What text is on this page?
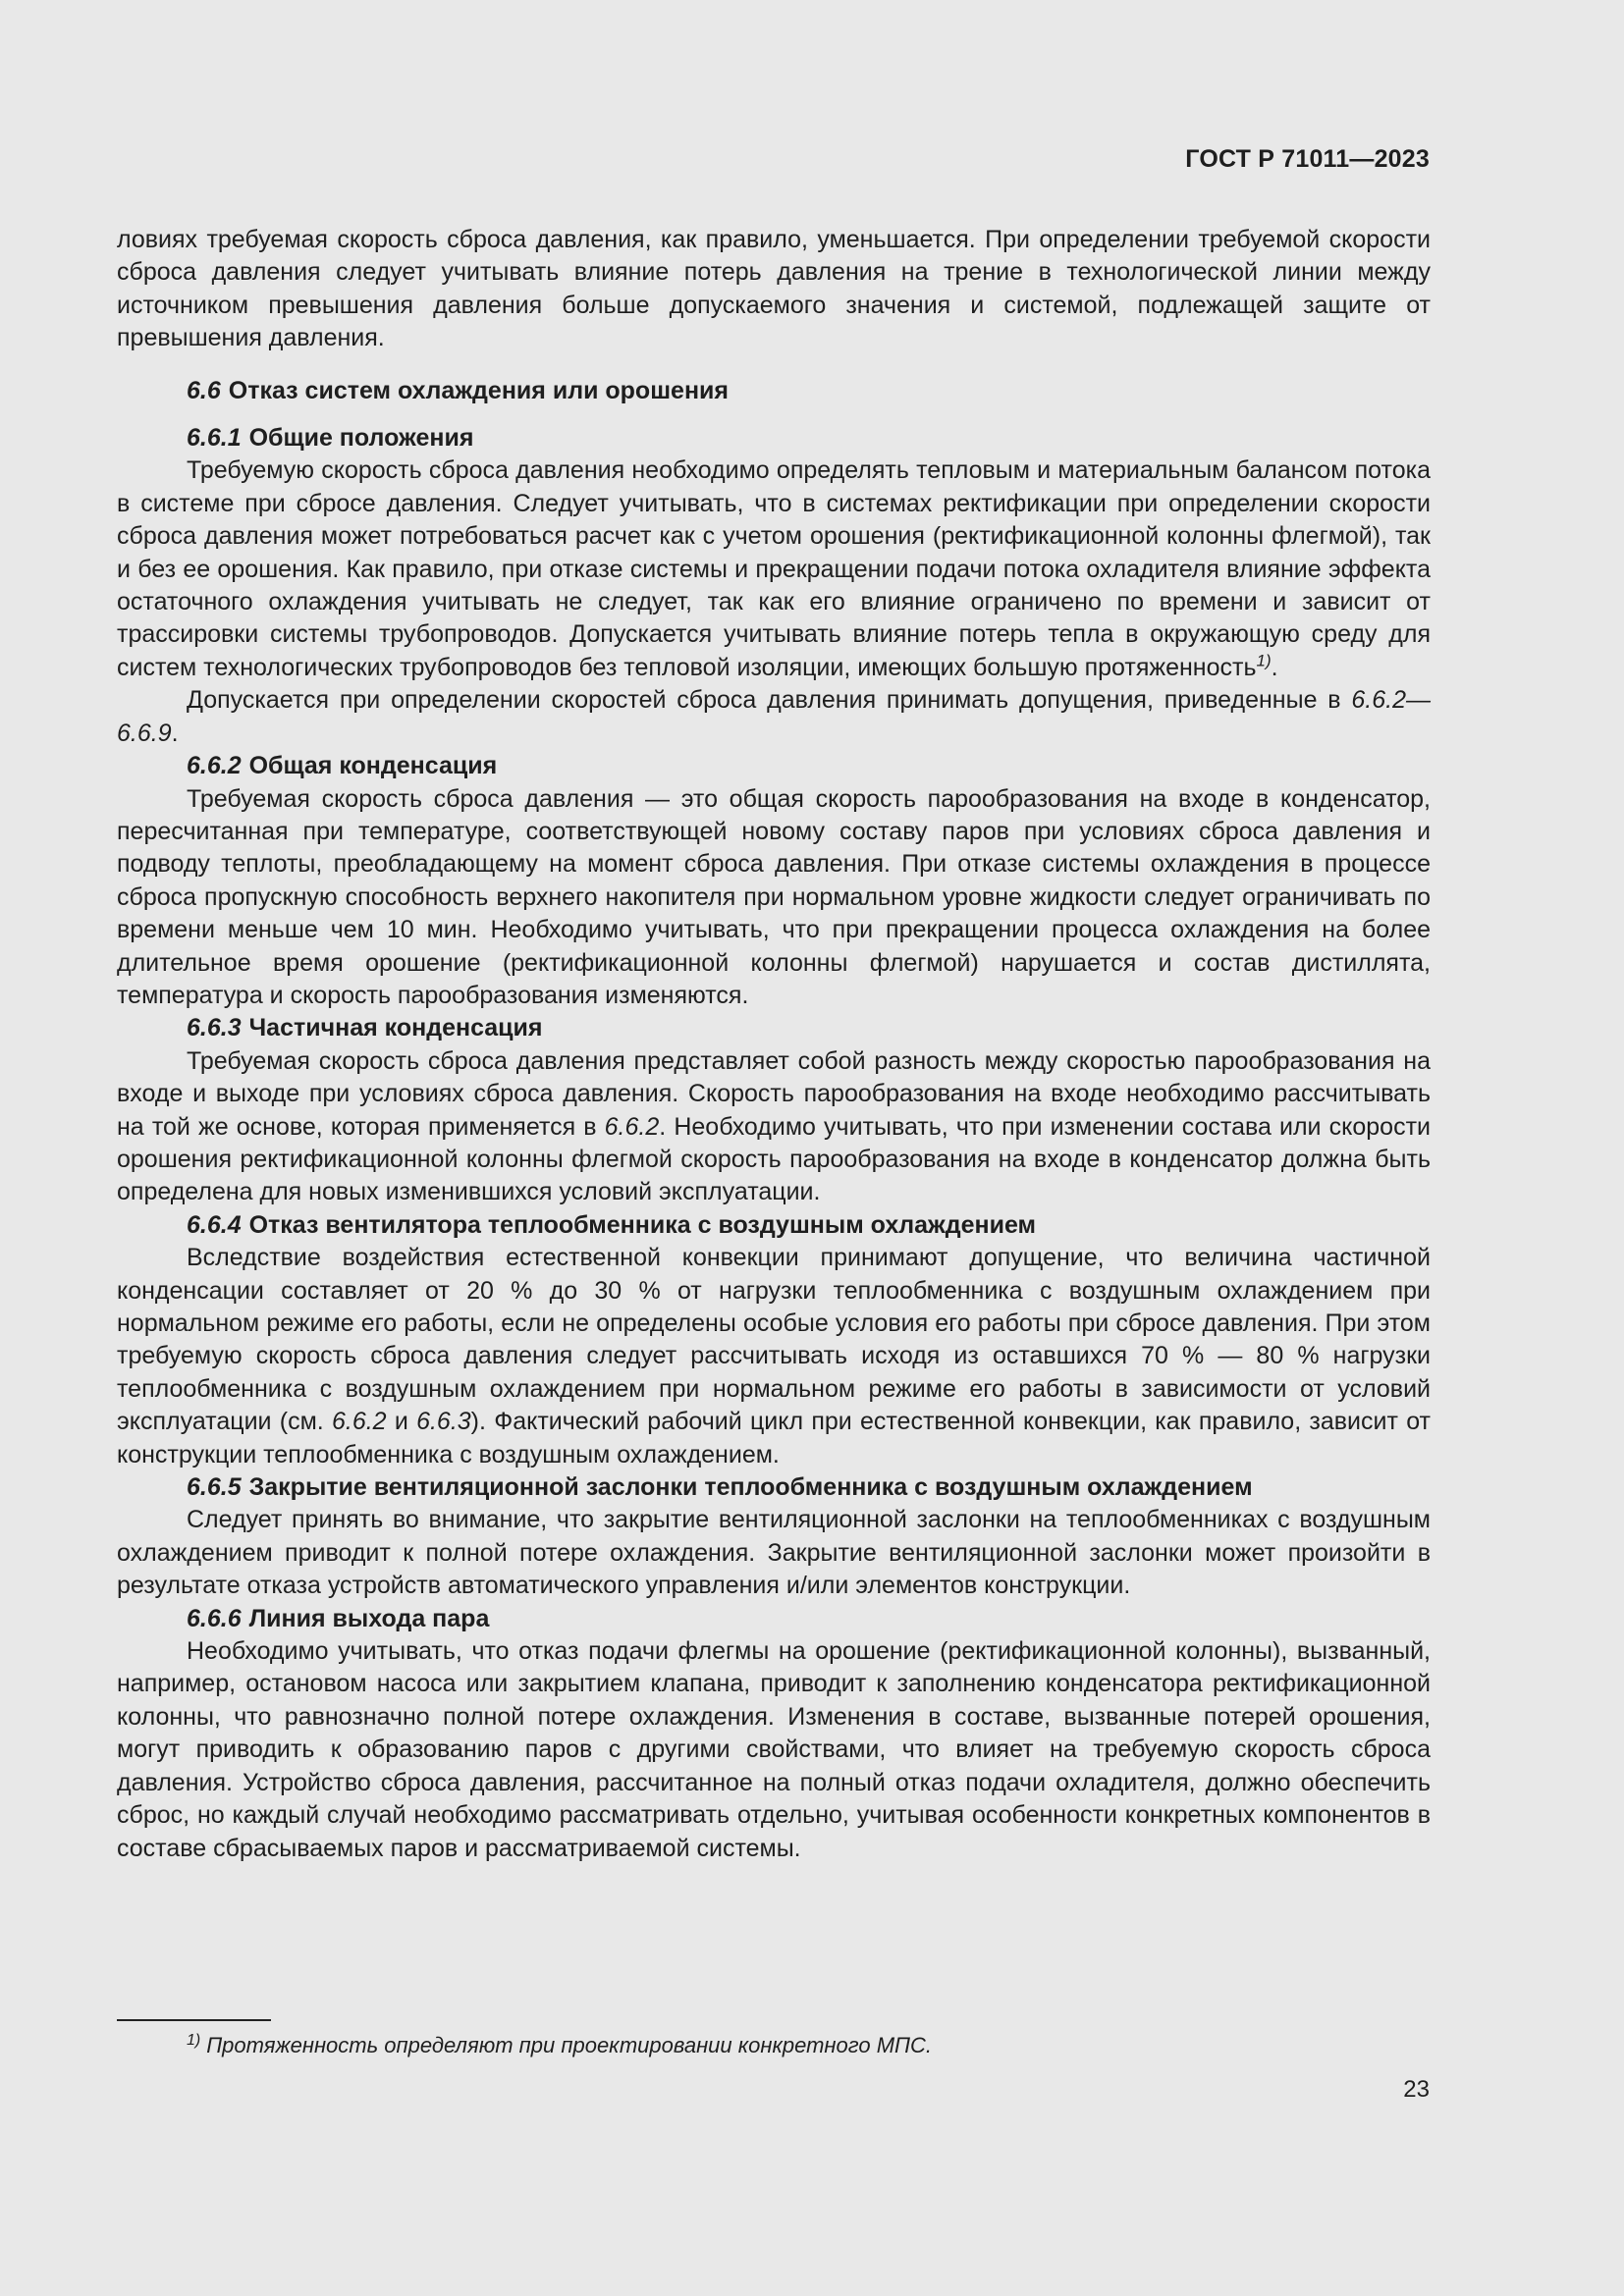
ГОСТ Р 71011—2023

ловиях требуемая скорость сброса давления, как правило, уменьшается. При определении требуемой скорости сброса давления следует учитывать влияние потерь давления на трение в технологической линии между источником превышения давления больше допускаемого значения и системой, подлежащей защите от превышения давления.

6.6 Отказ систем охлаждения или орошения

6.6.1 Общие положения

Требуемую скорость сброса давления необходимо определять тепловым и материальным балансом потока в системе при сбросе давления. Следует учитывать, что в системах ректификации при определении скорости сброса давления может потребоваться расчет как с учетом орошения (ректификационной колонны флегмой), так и без ее орошения. Как правило, при отказе системы и прекращении подачи потока охладителя влияние эффекта остаточного охлаждения учитывать не следует, так как его влияние ограничено по времени и зависит от трассировки системы трубопроводов. Допускается учитывать влияние потерь тепла в окружающую среду для систем технологических трубопроводов без тепловой изоляции, имеющих большую протяженность$^{1)}$.

Допускается при определении скоростей сброса давления принимать допущения, приведенные в 6.6.2—6.6.9.

6.6.2 Общая конденсация

Требуемая скорость сброса давления — это общая скорость парообразования на входе в конденсатор, пересчитанная при температуре, соответствующей новому составу паров при условиях сброса давления и подводу теплоты, преобладающему на момент сброса давления. При отказе системы охлаждения в процессе сброса пропускную способность верхнего накопителя при нормальном уровне жидкости следует ограничивать по времени меньше чем 10 мин. Необходимо учитывать, что при прекращении процесса охлаждения на более длительное время орошение (ректификационной колонны флегмой) нарушается и состав дистиллята, температура и скорость парообразования изменяются.

6.6.3 Частичная конденсация

Требуемая скорость сброса давления представляет собой разность между скоростью парообразования на входе и выходе при условиях сброса давления. Скорость парообразования на входе необходимо рассчитывать на той же основе, которая применяется в 6.6.2. Необходимо учитывать, что при изменении состава или скорости орошения ректификационной колонны флегмой скорость парообразования на входе в конденсатор должна быть определена для новых изменившихся условий эксплуатации.

6.6.4 Отказ вентилятора теплообменника с воздушным охлаждением

Вследствие воздействия естественной конвекции принимают допущение, что величина частичной конденсации составляет от 20 % до 30 % от нагрузки теплообменника с воздушным охлаждением при нормальном режиме его работы, если не определены особые условия его работы при сбросе давления. При этом требуемую скорость сброса давления следует рассчитывать исходя из оставшихся 70 % — 80 % нагрузки теплообменника с воздушным охлаждением при нормальном режиме его работы в зависимости от условий эксплуатации (см. 6.6.2 и 6.6.3). Фактический рабочий цикл при естественной конвекции, как правило, зависит от конструкции теплообменника с воздушным охлаждением.

6.6.5 Закрытие вентиляционной заслонки теплообменника с воздушным охлаждением

Следует принять во внимание, что закрытие вентиляционной заслонки на теплообменниках с воздушным охлаждением приводит к полной потере охлаждения. Закрытие вентиляционной заслонки может произойти в результате отказа устройств автоматического управления и/или элементов конструкции.

6.6.6 Линия выхода пара

Необходимо учитывать, что отказ подачи флегмы на орошение (ректификационной колонны), вызванный, например, остановом насоса или закрытием клапана, приводит к заполнению конденсатора ректификационной колонны, что равнозначно полной потере охлаждения. Изменения в составе, вызванные потерей орошения, могут приводить к образованию паров с другими свойствами, что влияет на требуемую скорость сброса давления. Устройство сброса давления, рассчитанное на полный отказ подачи охладителя, должно обеспечить сброс, но каждый случай необходимо рассматривать отдельно, учитывая особенности конкретных компонентов в составе сбрасываемых паров и рассматриваемой системы.

$^{1)}$ Протяженность определяют при проектировании конкретного МПС.
23
